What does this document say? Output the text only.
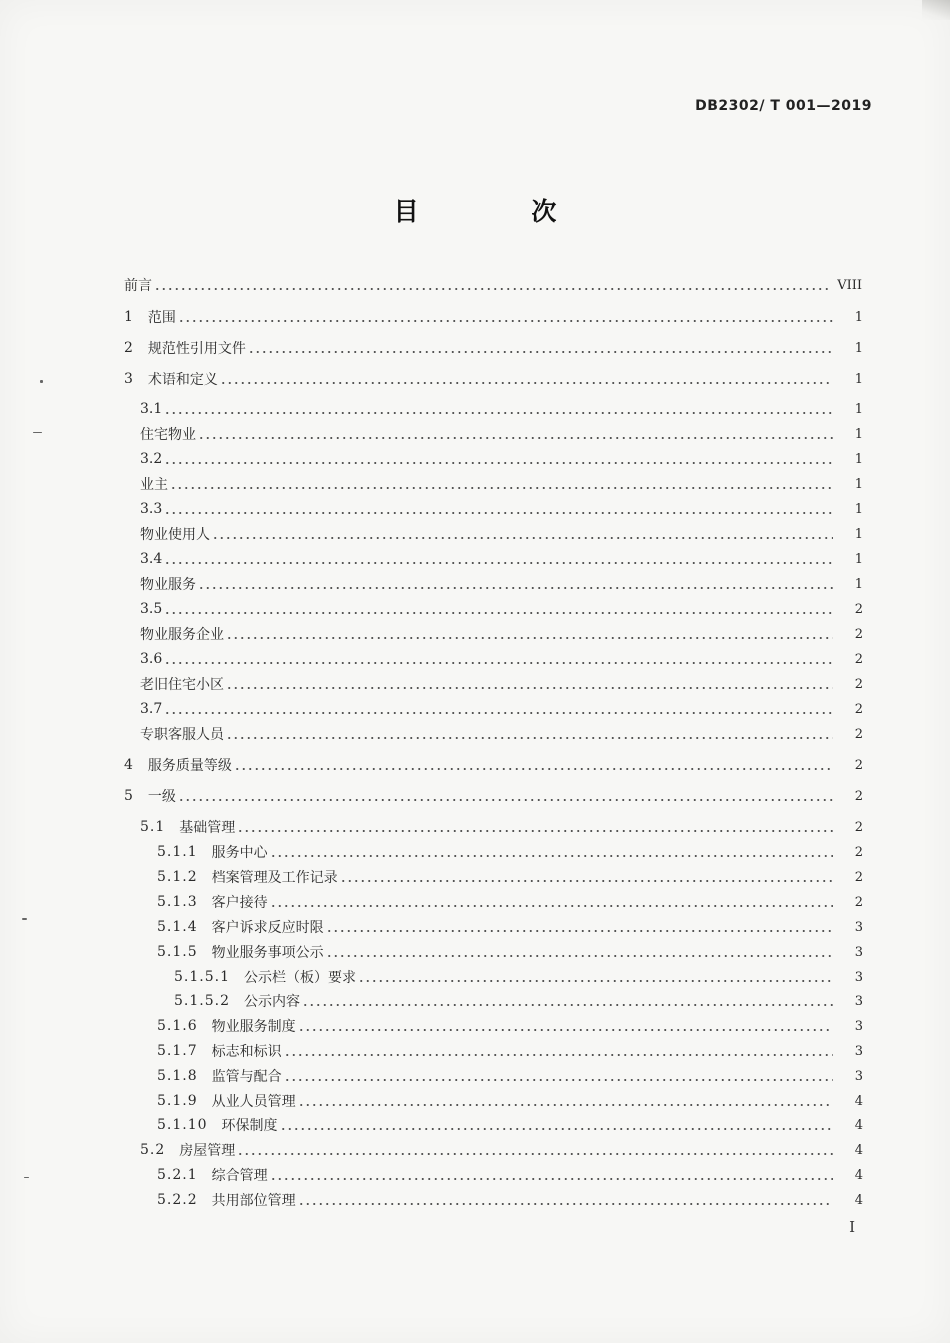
DB2302/ T 001—2019
目 次
前言	VIII
1 范围	1
2 规范性引用文件	1
3 术语和定义	1
3.1	1
住宅物业	1
3.2	1
业主	1
3.3	1
物业使用人	1
3.4	1
物业服务	1
3.5	2
物业服务企业	2
3.6	2
老旧住宅小区	2
3.7	2
专职客服人员	2
4 服务质量等级	2
5 一级	2
5.1 基础管理	2
5.1.1 服务中心	2
5.1.2 档案管理及工作记录	2
5.1.3 客户接待	2
5.1.4 客户诉求反应时限	3
5.1.5 物业服务事项公示	3
5.1.5.1 公示栏（板）要求	3
5.1.5.2 公示内容	3
5.1.6 物业服务制度	3
5.1.7 标志和标识	3
5.1.8 监管与配合	3
5.1.9 从业人员管理	4
5.1.10 环保制度	4
5.2 房屋管理	4
5.2.1 综合管理	4
5.2.2 共用部位管理	4
I
